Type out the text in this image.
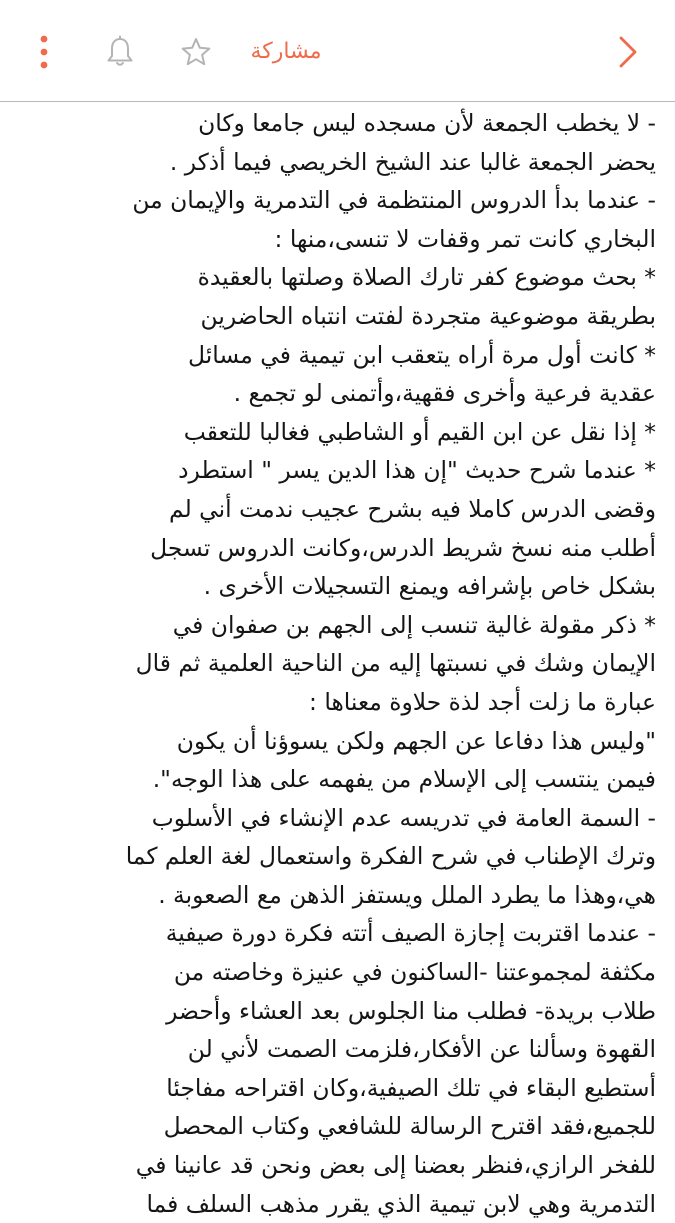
مشاركة
- لا يخطب الجمعة لأن مسجده ليس جامعا وكان
يحضر الجمعة غالبا عند الشيخ الخريصي فيما أذكر .
- عندما بدأ الدروس المنتظمة في التدمرية والإيمان من
البخاري كانت تمر وقفات لا تنسى،منها :
* بحث موضوع كفر تارك الصلاة وصلتها بالعقيدة
بطريقة موضوعية متجردة لفتت انتباه الحاضرين
* كانت أول مرة أراه يتعقب ابن تيمية في مسائل
عقدية فرعية وأخرى فقهية،وأتمنى لو تجمع .
* إذا نقل عن ابن القيم أو الشاطبي فغالبا للتعقب
* عندما شرح حديث "إن هذا الدين يسر " استطرد
وقضى الدرس كاملا فيه بشرح عجيب ندمت أني لم
أطلب منه نسخ شريط الدرس،وكانت الدروس تسجل
بشكل خاص بإشرافه ويمنع التسجيلات الأخرى .
* ذكر مقولة غالية تنسب إلى الجهم بن صفوان في
الإيمان وشك في نسبتها إليه من الناحية العلمية ثم قال
عبارة ما زلت أجد لذة حلاوة معناها :
"وليس هذا دفاعا عن الجهم ولكن يسوؤنا أن يكون
فيمن ينتسب إلى الإسلام من يفهمه على هذا الوجه".
- السمة العامة في تدريسه عدم الإنشاء في الأسلوب
وترك الإطناب في شرح الفكرة واستعمال لغة العلم كما
هي،وهذا ما يطرد الملل ويستفز الذهن مع الصعوبة .
- عندما اقتربت إجازة الصيف أتته فكرة دورة صيفية
مكثفة لمجموعتنا -الساكنون في عنيزة وخاصته من
طلاب بريدة- فطلب منا الجلوس بعد العشاء وأحضر
القهوة وسألنا عن الأفكار،فلزمت الصمت لأني لن
أستطيع البقاء في تلك الصيفية،وكان اقتراحه مفاجئا
للجميع،فقد اقترح الرسالة للشافعي وكتاب المحصل
للفخر الرازي،فنظر بعضنا إلى بعض ونحن قد عانينا في
التدمرية وهي لابن تيمية الذي يقرر مذهب السلف فما
